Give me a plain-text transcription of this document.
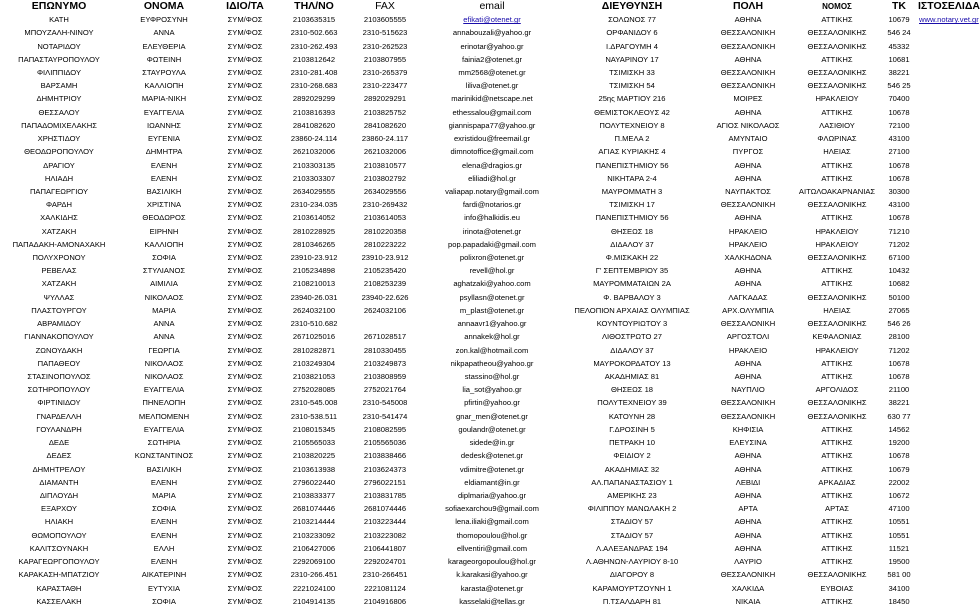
ΕΠΩΝΥΜΟ	ΟΝΟΜΑ	ΙΔΙΟ/ΤΑ	ΤΗΛ/ΝΟ	FAX	email	ΔΙΕΥΘΥΝΣΗ	ΠΟΛΗ	ΝΟΜΟΣ	ΤΚ	ΙΣΤΟΣΕΛΙΔΑ
ΚΑΤΗ	ΕΥΦΡΟΣΥΝΗ	ΣΥΜ/ΦΟΣ	2103635315	2103605555	efikati@otenet.gr	ΣΟΛΩΝΟΣ 77	ΑΘΗΝΑ	ΑΤΤΙΚΗΣ	10679	www.notary.vet.gr
ΜΠΟΥΖΑΛΗ-ΝΙΝΟΥ	ΑΝΝΑ	ΣΥΜ/ΦΟΣ	2310-502.663	2310-515623	annabouzali@yahoo.gr	ΟΡΦΑΝΙΔΟΥ 6	ΘΕΣΣΑΛΟΝΙΚΗ	ΘΕΣΣΑΛΟΝΙΚΗΣ	546 24	
ΝΟΤΑΡΙΔΟΥ	ΕΛΕΥΘΕΡΙΑ	ΣΥΜ/ΦΟΣ	2310-262.493	2310-262523	erinotar@yahoo.gr	Ι.ΔΡΑΓΟΥΜΗ 4	ΘΕΣΣΑΛΟΝΙΚΗ	ΘΕΣΣΑΛΟΝΙΚΗΣ	45332	
ΠΑΠΑΣΤΑΥΡΟΠΟΥΛΟΥ	ΦΩΤΕΙΝΗ	ΣΥΜ/ΦΟΣ	2103812642	2103807955	fainia2@otenet.gr	ΝΑΥΑΡΙΝΟΥ 17	ΑΘΗΝΑ	ΑΤΤΙΚΗΣ	10681	
ΦΙΛΙΠΠΙΔΟΥ	ΣΤΑΥΡΟΥΛΑ	ΣΥΜ/ΦΟΣ	2310-281.408	2310-265379	mm2568@otenet.gr	ΤΣΙΜΙΣΚΗ 33	ΘΕΣΣΑΛΟΝΙΚΗ	ΘΕΣΣΑΛΟΝΙΚΗΣ	38221	
ΒΑΡΣΑΜΗ	ΚΑΛΛΙΟΠΗ	ΣΥΜ/ΦΟΣ	2310-268.683	2310-223477	liliva@otenet.gr	ΤΣΙΜΙΣΚΗ 54	ΘΕΣΣΑΛΟΝΙΚΗ	ΘΕΣΣΑΛΟΝΙΚΗΣ	546 25	
ΔΗΜΗΤΡΙΟΥ	ΜΑΡΙΑ-ΝΙΚΗ	ΣΥΜ/ΦΟΣ	2892029299	2892029291	marinikid@netscape.net	25ης ΜΑΡΤΙΟΥ 216	ΜΟΙΡΕΣ	ΗΡΑΚΛΕΙΟΥ	70400	
ΘΕΣΣΑΛΟΥ	ΕΥΑΓΓΕΛΙΑ	ΣΥΜ/ΦΟΣ	2103816393	2103825752	ethessalou@gmail.com	ΘΕΜΙΣΤΟΚΛΕΟΥΣ 42	ΑΘΗΝΑ	ΑΤΤΙΚΗΣ	10678	
ΠΑΠΑΔΟΜΙΧΕΛΑΚΗΣ	ΙΩΑΝΝΗΣ	ΣΥΜ/ΦΟΣ	2841082620	2841082620	giannispapa77@yahoo.gr	ΠΟΛΥΤΕΧΝΕΙΟΥ 8	ΑΓΙΟΣ ΝΙΚΟΛΑΟΣ	ΛΑΣΙΘΙΟΥ	72100	
ΧΡΗΣΤΙΔΟΥ	ΕΥΓΕΝΙΑ	ΣΥΜ/ΦΟΣ	23860-24.114	23860-24.117	exristidou@freemail.gr	Π.ΜΕΛΑ 2	ΑΜΥΝΤΑΙΟ	ΦΛΩΡΙΝΑΣ	43100	
ΘΕΟΔΩΡΟΠΟΥΛΟΥ	ΔΗΜΗΤΡΑ	ΣΥΜ/ΦΟΣ	2621032006	2621032006	dimnotoffice@gmail.com	ΑΓΙΑΣ ΚΥΡΙΑΚΗΣ 4	ΠΥΡΓΟΣ	ΗΛΕΙΑΣ	27100	
ΔΡΑΓΙΟΥ	ΕΛΕΝΗ	ΣΥΜ/ΦΟΣ	2103303135	2103810577	elena@dragios.gr	ΠΑΝΕΠΙΣΤΗΜΙΟΥ 56	ΑΘΗΝΑ	ΑΤΤΙΚΗΣ	10678	
ΗΛΙΑΔΗ	ΕΛΕΝΗ	ΣΥΜ/ΦΟΣ	2103303307	2103802792	eliliadi@hol.gr	ΝΙΚΗΤΑΡΑ 2-4	ΑΘΗΝΑ	ΑΤΤΙΚΗΣ	10678	
ΠΑΠΑΓΕΩΡΓΙΟΥ	ΒΑΣΙΛΙΚΗ	ΣΥΜ/ΦΟΣ	2634029555	2634029556	valiapap.notary@gmail.com	ΜΑΥΡΟΜΜΑΤΗ 3	ΝΑΥΠΑΚΤΟΣ	ΑΙΤΩΛΟΑΚΑΡΝΑΝΙΑΣ	30300	
ΦΑΡΔΗ	ΧΡΙΣΤΙΝΑ	ΣΥΜ/ΦΟΣ	2310-234.035	2310-269432	fardi@notarios.gr	ΤΣΙΜΙΣΚΗ 17	ΘΕΣΣΑΛΟΝΙΚΗ	ΘΕΣΣΑΛΟΝΙΚΗΣ	43100	
ΧΑΛΚΙΔΗΣ	ΘΕΟΔΩΡΟΣ	ΣΥΜ/ΦΟΣ	2103614052	2103614053	info@halkidis.eu	ΠΑΝΕΠΙΣΤΗΜΙΟΥ 56	ΑΘΗΝΑ	ΑΤΤΙΚΗΣ	10678	
ΧΑΤΖΑΚΗ	ΕΙΡΗΝΗ	ΣΥΜ/ΦΟΣ	2810228925	2810220358	irinota@otenet.gr	ΘΗΣΕΩΣ 18	ΗΡΑΚΛΕΙΟ	ΗΡΑΚΛΕΙΟΥ	71210	
ΠΑΠΑΔΑΚΗ-ΑΜΟΝΑΧΑΚΗ	ΚΑΛΛΙΟΠΗ	ΣΥΜ/ΦΟΣ	2810346265	2810223222	pop.papadaki@gmail.com	ΔΙΔΑΛΟΥ 37	ΗΡΑΚΛΕΙΟ	ΗΡΑΚΛΕΙΟΥ	71202	
ΠΟΛΥΧΡΟΝΟΥ	ΣΟΦΙΑ	ΣΥΜ/ΦΟΣ	23910-23.912	23910-23.912	polixron@otenet.gr	Φ.ΜΙΣΚΑΚΗ 22	ΧΑΛΚΗΔΟΝΑ	ΘΕΣΣΑΛΟΝΙΚΗΣ	67100	
ΡΕΒΕΛΑΣ	ΣΤΥΛΙΑΝΟΣ	ΣΥΜ/ΦΟΣ	2105234898	2105235420	revell@hol.gr	Γ' ΣΕΠΤΕΜΒΡΙΟΥ 35	ΑΘΗΝΑ	ΑΤΤΙΚΗΣ	10432	
ΧΑΤΖΑΚΗ	ΑΙΜΙΛΙΑ	ΣΥΜ/ΦΟΣ	2108210013	2108253239	aghatzaki@yahoo.com	ΜΑΥΡΟΜΜΑΤΑΙΩΝ 2Α	ΑΘΗΝΑ	ΑΤΤΙΚΗΣ	10682	
ΨΥΛΛΑΣ	ΝΙΚΟΛΑΟΣ	ΣΥΜ/ΦΟΣ	23940-26.031	23940-22.626	psyllasn@otenet.gr	Φ. ΒΑΡΒΑΛΟΥ 3	ΛΑΓΚΑΔΑΣ	ΘΕΣΣΑΛΟΝΙΚΗΣ	50100	
ΠΛΑΣΤΟΥΡΓΟΥ	ΜΑΡΙΑ	ΣΥΜ/ΦΟΣ	2624032100	2624032106	m_plast@otenet.gr	ΠΕΛΟΠΙΟΝ ΑΡΧΑΙΑΣ ΟΛΥΜΠΙΑΣ	ΑΡΧ.ΟΛΥΜΠΙΑ	ΗΛΕΙΑΣ	27065	
ΑΒΡΑΜΙΔΟΥ	ΑΝΝΑ	ΣΥΜ/ΦΟΣ	2310-510.682		annaavr1@yahoo.gr	ΚΟΥΝΤΟΥΡΙΩΤΟΥ 3	ΘΕΣΣΑΛΟΝΙΚΗ	ΘΕΣΣΑΛΟΝΙΚΗΣ	546 26	
ΓΙΑΝΝΑΚΟΠΟΥΛΟΥ	ΑΝΝΑ	ΣΥΜ/ΦΟΣ	2671025016	2671028517	annakek@hol.gr	ΛΙΘΟΣΤΡΩΤΟ 27	ΑΡΓΟΣΤΟΛΙ	ΚΕΦΑΛΟΝΙΑΣ	28100	
ΖΩΝΟΥΔΑΚΗ	ΓΕΩΡΓΙΑ	ΣΥΜ/ΦΟΣ	2810282871	2810330455	zon.kal@hotmail.com	ΔΙΔΑΛΟΥ 37	ΗΡΑΚΛΕΙΟ	ΗΡΑΚΛΕΙΟΥ	71202	
ΠΑΠΑΘΕΟΥ	ΝΙΚΟΛΑΟΣ	ΣΥΜ/ΦΟΣ	2103249304	2103249873	nikpapatheou@yahoo.gr	ΜΑΥΡΟΚΟΡΔΑΤΟΥ 13	ΑΘΗΝΑ	ΑΤΤΙΚΗΣ	10678	
ΣΤΑΣΙΝΟΠΟΥΛΟΣ	ΝΙΚΟΛΑΟΣ	ΣΥΜ/ΦΟΣ	2103821053	2103808959	stassino@hol.gr	ΑΚΑΔΗΜΙΑΣ 81	ΑΘΗΝΑ	ΑΤΤΙΚΗΣ	10678	
ΣΩΤΗΡΟΠΟΥΛΟΥ	ΕΥΑΓΓΕΛΙΑ	ΣΥΜ/ΦΟΣ	2752028085	2752021764	lia_sot@yahoo.gr	ΘΗΣΕΩΣ 18	ΝΑΥΠΛΙΟ	ΑΡΓΟΛΙΔΟΣ	21100	
ΦΙΡΤΙΝΙΔΟΥ	ΠΗΝΕΛΟΠΗ	ΣΥΜ/ΦΟΣ	2310-545.008	2310-545008	pfirtin@yahoo.gr	ΠΟΛΥΤΕΧΝΕΙΟΥ 39	ΘΕΣΣΑΛΟΝΙΚΗ	ΘΕΣΣΑΛΟΝΙΚΗΣ	38221	
ΓΝΑΡΔΕΛΛΗ	ΜΕΛΠΟΜΕΝΗ	ΣΥΜ/ΦΟΣ	2310-538.511	2310-541474	gnar_men@otenet.gr	ΚΑΤΟΥΝΗ 28	ΘΕΣΣΑΛΟΝΙΚΗ	ΘΕΣΣΑΛΟΝΙΚΗΣ	630 77	
ΓΟΥΛΑΝΔΡΗ	ΕΥΑΓΓΕΛΙΑ	ΣΥΜ/ΦΟΣ	2108015345	2108082595	goulandr@otenet.gr	Γ.ΔΡΟΣΙΝΗ 5	ΚΗΦΙΣΙΑ	ΑΤΤΙΚΗΣ	14562	
ΔΕΔΕ	ΣΩΤΗΡΙΑ	ΣΥΜ/ΦΟΣ	2105565033	2105565036	sidede@in.gr	ΠΕΤΡΑΚΗ 10	ΕΛΕΥΣΙΝΑ	ΑΤΤΙΚΗΣ	19200	
ΔΕΔΕΣ	ΚΩΝΣΤΑΝΤΙΝΟΣ	ΣΥΜ/ΦΟΣ	2103820225	2103838466	dedesk@otenet.gr	ΦΕΙΔΙΟΥ 2	ΑΘΗΝΑ	ΑΤΤΙΚΗΣ	10678	
ΔΗΜΗΤΡΕΛΟΥ	ΒΑΣΙΛΙΚΗ	ΣΥΜ/ΦΟΣ	2103613938	2103624373	vdimitre@otenet.gr	ΑΚΑΔΗΜΙΑΣ 32	ΑΘΗΝΑ	ΑΤΤΙΚΗΣ	10679	
ΔΙΑΜΑΝΤΗ	ΕΛΕΝΗ	ΣΥΜ/ΦΟΣ	2796022440	2796022151	eldiamant@in.gr	ΑΛ.ΠΑΠΑΝΑΣΤΑΣΙΟΥ 1	ΛΕΒΙΔΙ	ΑΡΚΑΔΙΑΣ	22002	
ΔΙΠΛΟΥΔΗ	ΜΑΡΙΑ	ΣΥΜ/ΦΟΣ	2103833377	2103831785	diplmaria@yahoo.gr	ΑΜΕΡΙΚΗΣ 23	ΑΘΗΝΑ	ΑΤΤΙΚΗΣ	10672	
ΕΞΑΡΧΟΥ	ΣΟΦΙΑ	ΣΥΜ/ΦΟΣ	2681074446	2681074446	sofiaexarchou9@gmail.com	ΦΙΛΙΠΠΟΥ ΜΑΝΩΛΑΚΗ 2	ΑΡΤΑ	ΑΡΤΑΣ	47100	
ΗΛΙΑΚΗ	ΕΛΕΝΗ	ΣΥΜ/ΦΟΣ	2103214444	2103223444	lena.iliaki@gmail.com	ΣΤΑΔΙΟΥ 57	ΑΘΗΝΑ	ΑΤΤΙΚΗΣ	10551	
ΘΩΜΟΠΟΥΛΟΥ	ΕΛΕΝΗ	ΣΥΜ/ΦΟΣ	2103233092	2103223082	thomopoulou@hol.gr	ΣΤΑΔΙΟΥ 57	ΑΘΗΝΑ	ΑΤΤΙΚΗΣ	10551	
ΚΑΛΙΤΣΟΥΝΑΚΗ	ΕΛΛΗ	ΣΥΜ/ΦΟΣ	2106427006	2106441807	ellventiri@gmail.com	Λ.ΑΛΕΞΑΝΔΡΑΣ 194	ΑΘΗΝΑ	ΑΤΤΙΚΗΣ	11521	
ΚΑΡΑΓΕΩΡΓΟΠΟΥΛΟΥ	ΕΛΕΝΗ	ΣΥΜ/ΦΟΣ	2292069100	2292024701	karageorgopoulou@hol.gr	Λ.ΑΘΗΝΩΝ-ΛΑΥΡΙΟΥ 8-10	ΛΑΥΡΙΟ	ΑΤΤΙΚΗΣ	19500	
ΚΑΡΑΚΑΣΗ-ΜΠΑΤΖΙΟΥ	ΑΙΚΑΤΕΡΙΝΗ	ΣΥΜ/ΦΟΣ	2310-266.451	2310-266451	k.karakasi@yahoo.gr	ΔΙΑΓΟΡΟΥ 8	ΘΕΣΣΑΛΟΝΙΚΗ	ΘΕΣΣΑΛΟΝΙΚΗΣ	581 00	
ΚΑΡΑΣΤΑΘΗ	ΕΥΤΥΧΙΑ	ΣΥΜ/ΦΟΣ	2221024100	2221081124	karasta@otenet.gr	ΚΑΡΑΜΟΥΡΤΖΟΥΝΗ 1	ΧΑΛΚΙΔΑ	ΕΥΒΟΙΑΣ	34100	
ΚΑΣΣΕΛΑΚΗ	ΣΟΦΙΑ	ΣΥΜ/ΦΟΣ	2104914135	2104916806	kasselaki@tellas.gr	Π.ΤΣΑΛΔΑΡΗ 81	ΝΙΚΑΙΑ	ΑΤΤΙΚΗΣ	18450	
